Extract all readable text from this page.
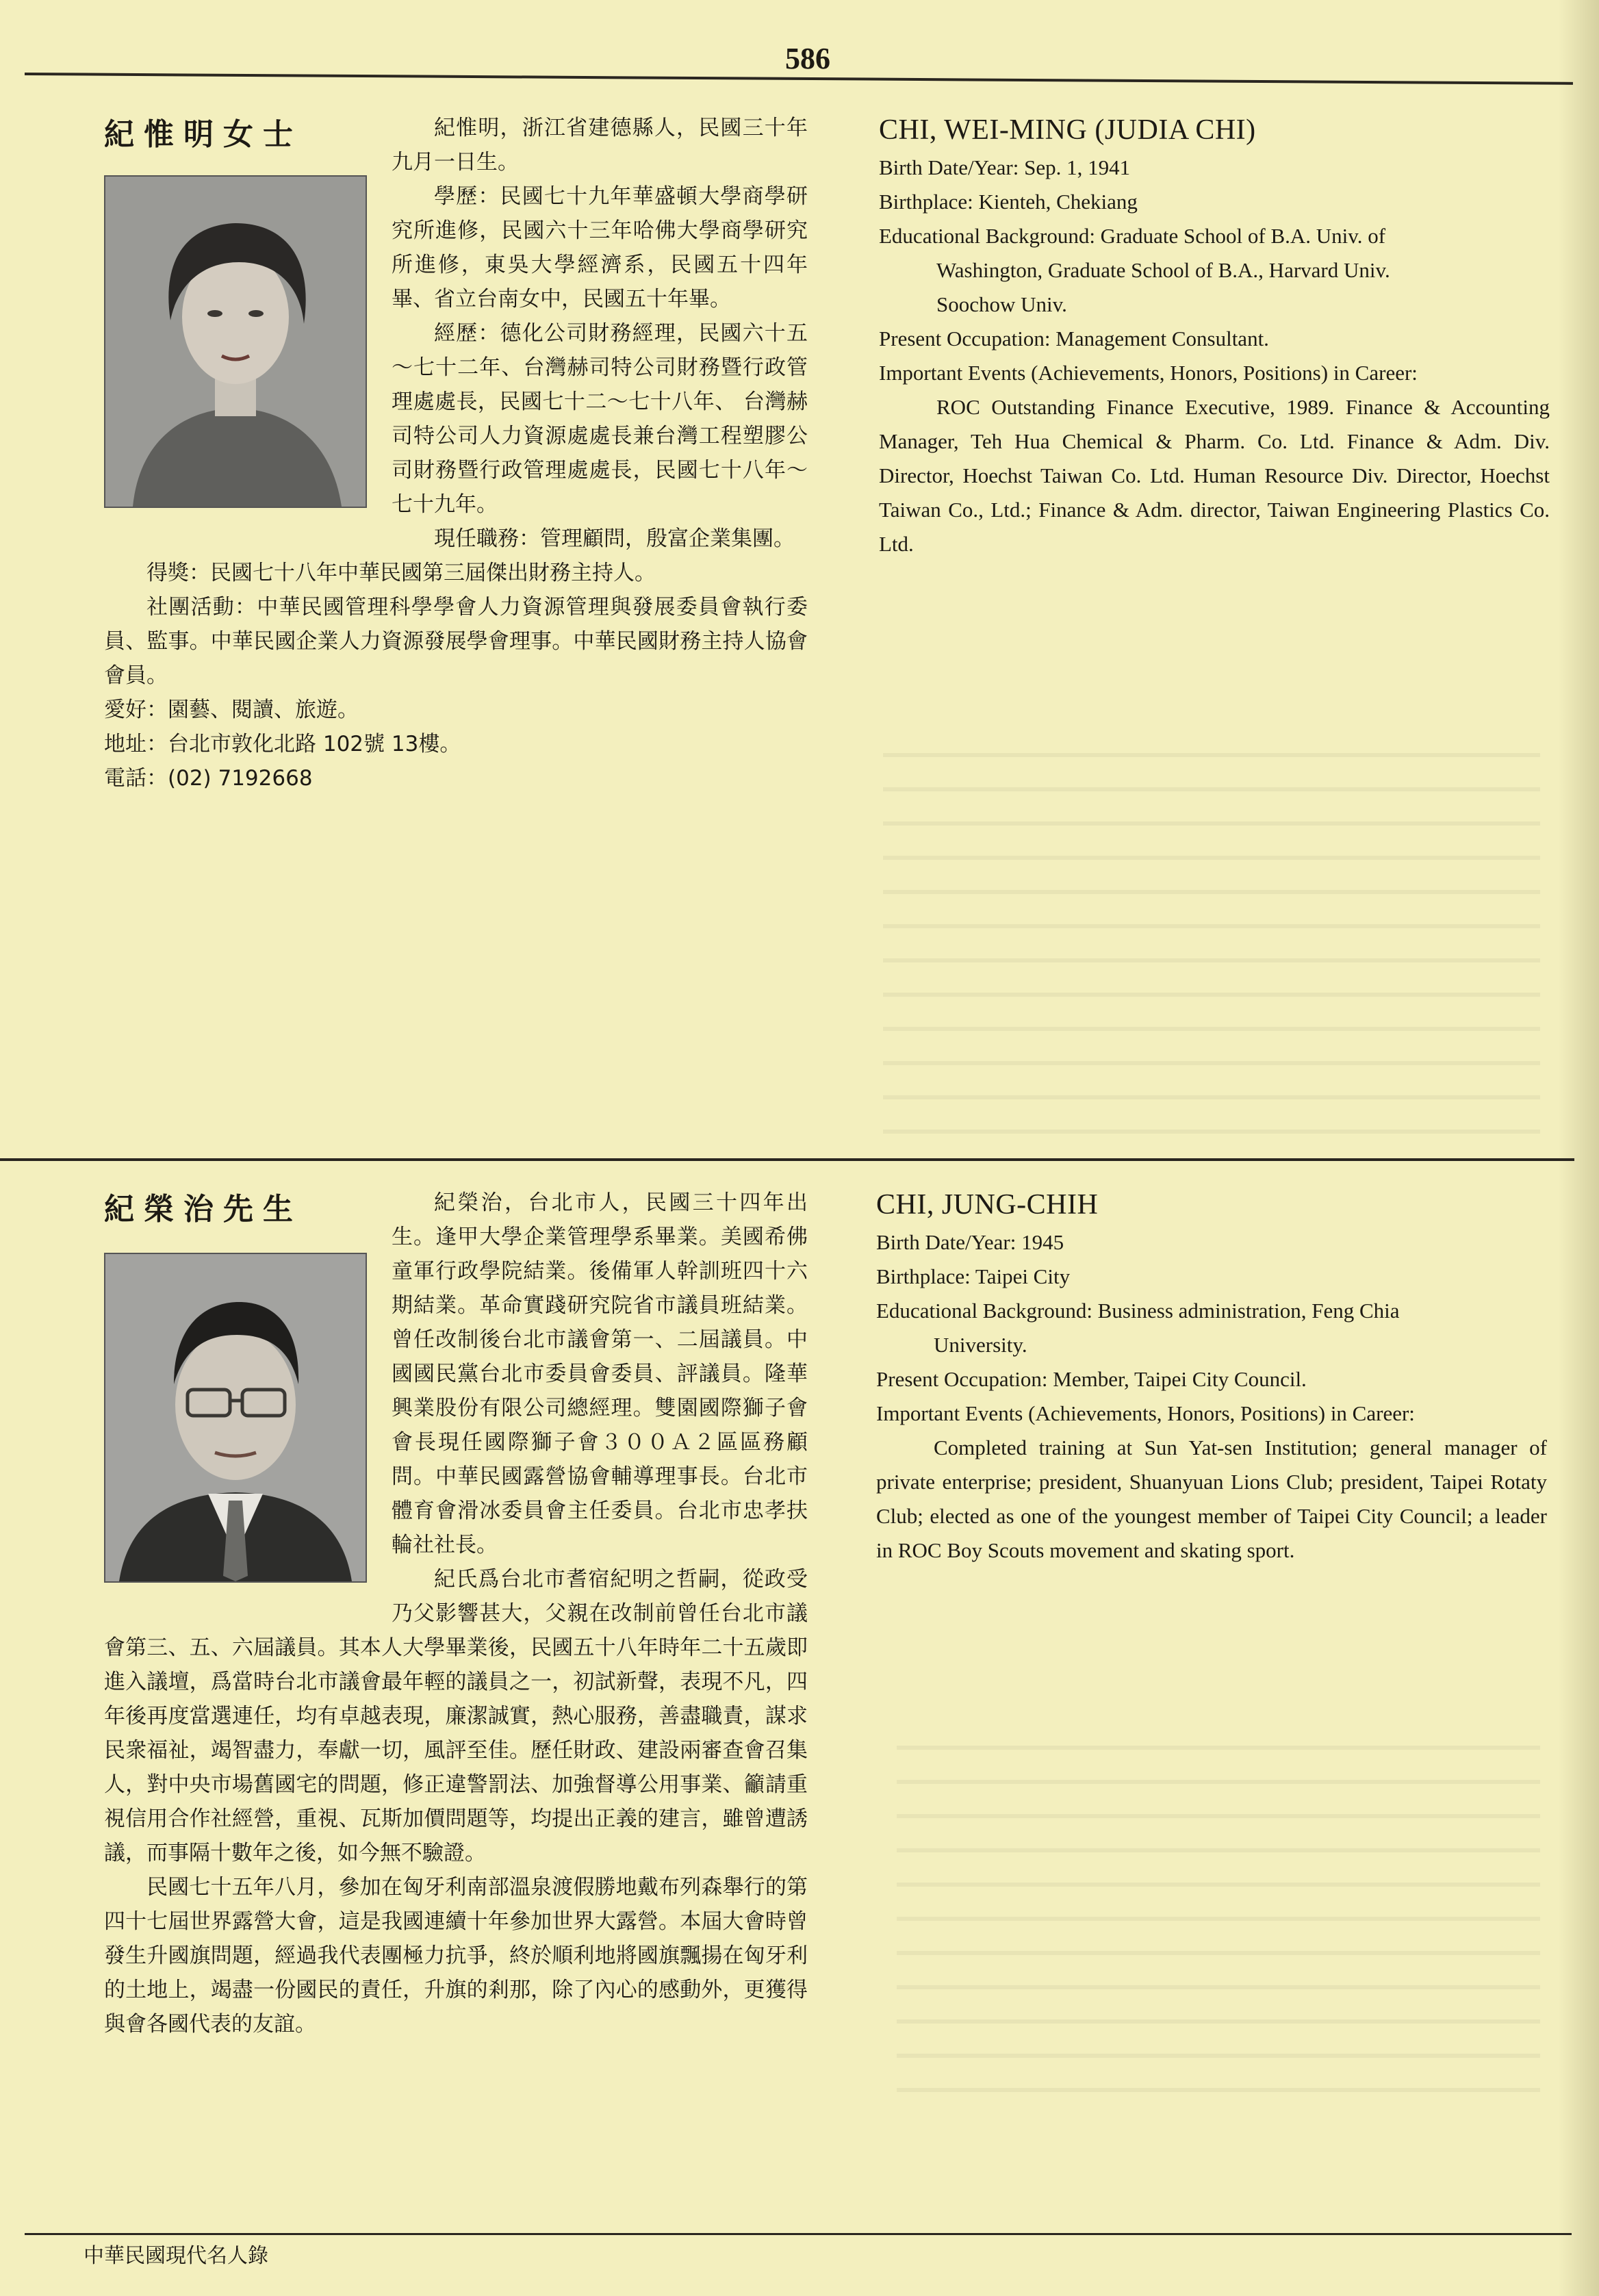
586
紀惟明女士	紀惟明，浙江省建德縣人，民國三十年九月一日生。

學歷：民國七十九年華盛頓大學商學研究所進修，民國六十三年哈佛大學商學研究所進修，東吳大學經濟系，民國五十四年畢、省立台南女中，民國五十年畢。

經歷：德化公司財務經理，民國六十五～七十二年、台灣赫司特公司財務暨行政管理處處長，民國七十二～七十八年、 台灣赫司特公司人力資源處處長兼台灣工程塑膠公司財務暨行政管理處處長，民國七十八年～七十九年。

現任職務：管理顧問，殷富企業集團。

得獎：民國七十八年中華民國第三屆傑出財務主持人。

社團活動：中華民國管理科學學會人力資源管理與發展委員會執行委員、監事。中華民國企業人力資源發展學會理事。中華民國財務主持人協會會員。

愛好：園藝、閱讀、旅遊。

地址：台北市敦化北路 102號 13樓。

電話：(02) 7192668

CHI, WEI-MING (JUDIA CHI)

Birth Date/Year: Sep. 1, 1941

Birthplace: Kienteh, Chekiang

Educational Background: Graduate School of B.A. Univ. of

Washington, Graduate School of B.A., Harvard Univ.

Soochow Univ.

Present Occupation: Management Consultant.

Important Events (Achievements, Honors, Positions) in Career:

ROC Outstanding Finance Executive, 1989. Finance & Accounting Manager, Teh Hua Chemical & Pharm. Co. Ltd. Finance & Adm. Div. Director, Hoechst Taiwan Co. Ltd. Human Resource Div. Director, Hoechst Taiwan Co., Ltd.; Finance & Adm. director, Taiwan Engineering Plastics Co. Ltd.

紀榮治先生	紀榮治，台北市人，民國三十四年出生。逢甲大學企業管理學系畢業。美國希佛童軍行政學院結業。後備軍人幹訓班四十六期結業。革命實踐研究院省市議員班結業。曾任改制後台北市議會第一、二屆議員。中國國民黨台北市委員會委員、評議員。隆華興業股份有限公司總經理。雙園國際獅子會會長現任國際獅子會３００Ａ２區區務顧問。中華民國露營協會輔導理事長。台北市體育會滑冰委員會主任委員。台北市忠孝扶輪社社長。

紀氏爲台北市耆宿紀明之哲嗣，從政受乃父影響甚大，父親在改制前曾任台北市議會第三、五、六屆議員。其本人大學畢業後，民國五十八年時年二十五歲即進入議壇，爲當時台北市議會最年輕的議員之一，初試新聲，表現不凡，四年後再度當選連任，均有卓越表現，廉潔誠實，熱心服務，善盡職責，謀求民衆福祉，竭智盡力，奉獻一切，風評至佳。歷任財政、建設兩審查會召集人，對中央市場舊國宅的問題，修正違警罰法、加強督導公用事業、籲請重視信用合作社經營，重視、瓦斯加價問題等，均提出正義的建言，雖曾遭誘議，而事隔十數年之後，如今無不驗證。

民國七十五年八月，參加在匈牙利南部溫泉渡假勝地戴布列森舉行的第四十七屆世界露營大會，這是我國連續十年參加世界大露營。本屆大會時曾發生升國旗問題，經過我代表團極力抗爭，終於順利地將國旗飄揚在匈牙利的土地上，竭盡一份國民的責任，升旗的剎那，除了內心的感動外，更獲得與會各國代表的友誼。

CHI, JUNG-CHIH

Birth Date/Year: 1945

Birthplace: Taipei City

Educational Background: Business administration, Feng Chia

University.

Present Occupation: Member, Taipei City Council.

Important Events (Achievements, Honors, Positions) in Career:

Completed training at Sun Yat-sen Institution; general manager of private enterprise; president, Shuanyuan Lions Club; president, Taipei Rotaty Club; elected as one of the youngest member of Taipei City Council; a leader in ROC Boy Scouts movement and skating sport.

中華民國現代名人錄
